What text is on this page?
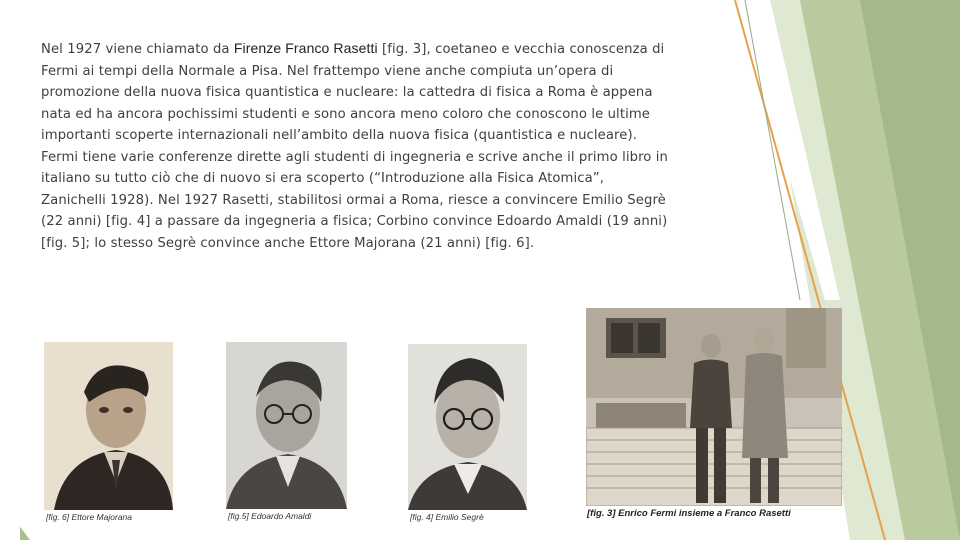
Nel 1927 viene chiamato da Firenze Franco Rasetti [fig. 3], coetaneo e vecchia conoscenza di Fermi ai tempi della Normale a Pisa. Nel frattempo viene anche compiuta un’opera di promozione della nuova fisica quantistica e nucleare: la cattedra di fisica a Roma è appena nata ed ha ancora pochissimi studenti e sono ancora meno coloro che conoscono le ultime importanti scoperte internazionali nell’ambito della nuova fisica (quantistica e nucleare). Fermi tiene varie conferenze dirette agli studenti di ingegneria e scrive anche il primo libro in italiano su tutto ciò che di nuovo si era scoperto (“Introduzione alla Fisica Atomica”, Zanichelli 1928). Nel 1927 Rasetti, stabilitosi ormai a Roma, riesce a convincere Emilio Segrè (22 anni) [fig. 4] a passare da ingegneria a fisica; Corbino convince Edoardo Amaldi (19 anni) [fig. 5]; lo stesso Segrè convince anche Ettore Majorana (21 anni) [fig. 6].
[fig. 6] Ettore Majorana	[fig.5] Edoardo Amaldi	[fig. 4] Emilio Segrè	[fig. 3] Enrico Fermi insieme a Franco Rasetti
